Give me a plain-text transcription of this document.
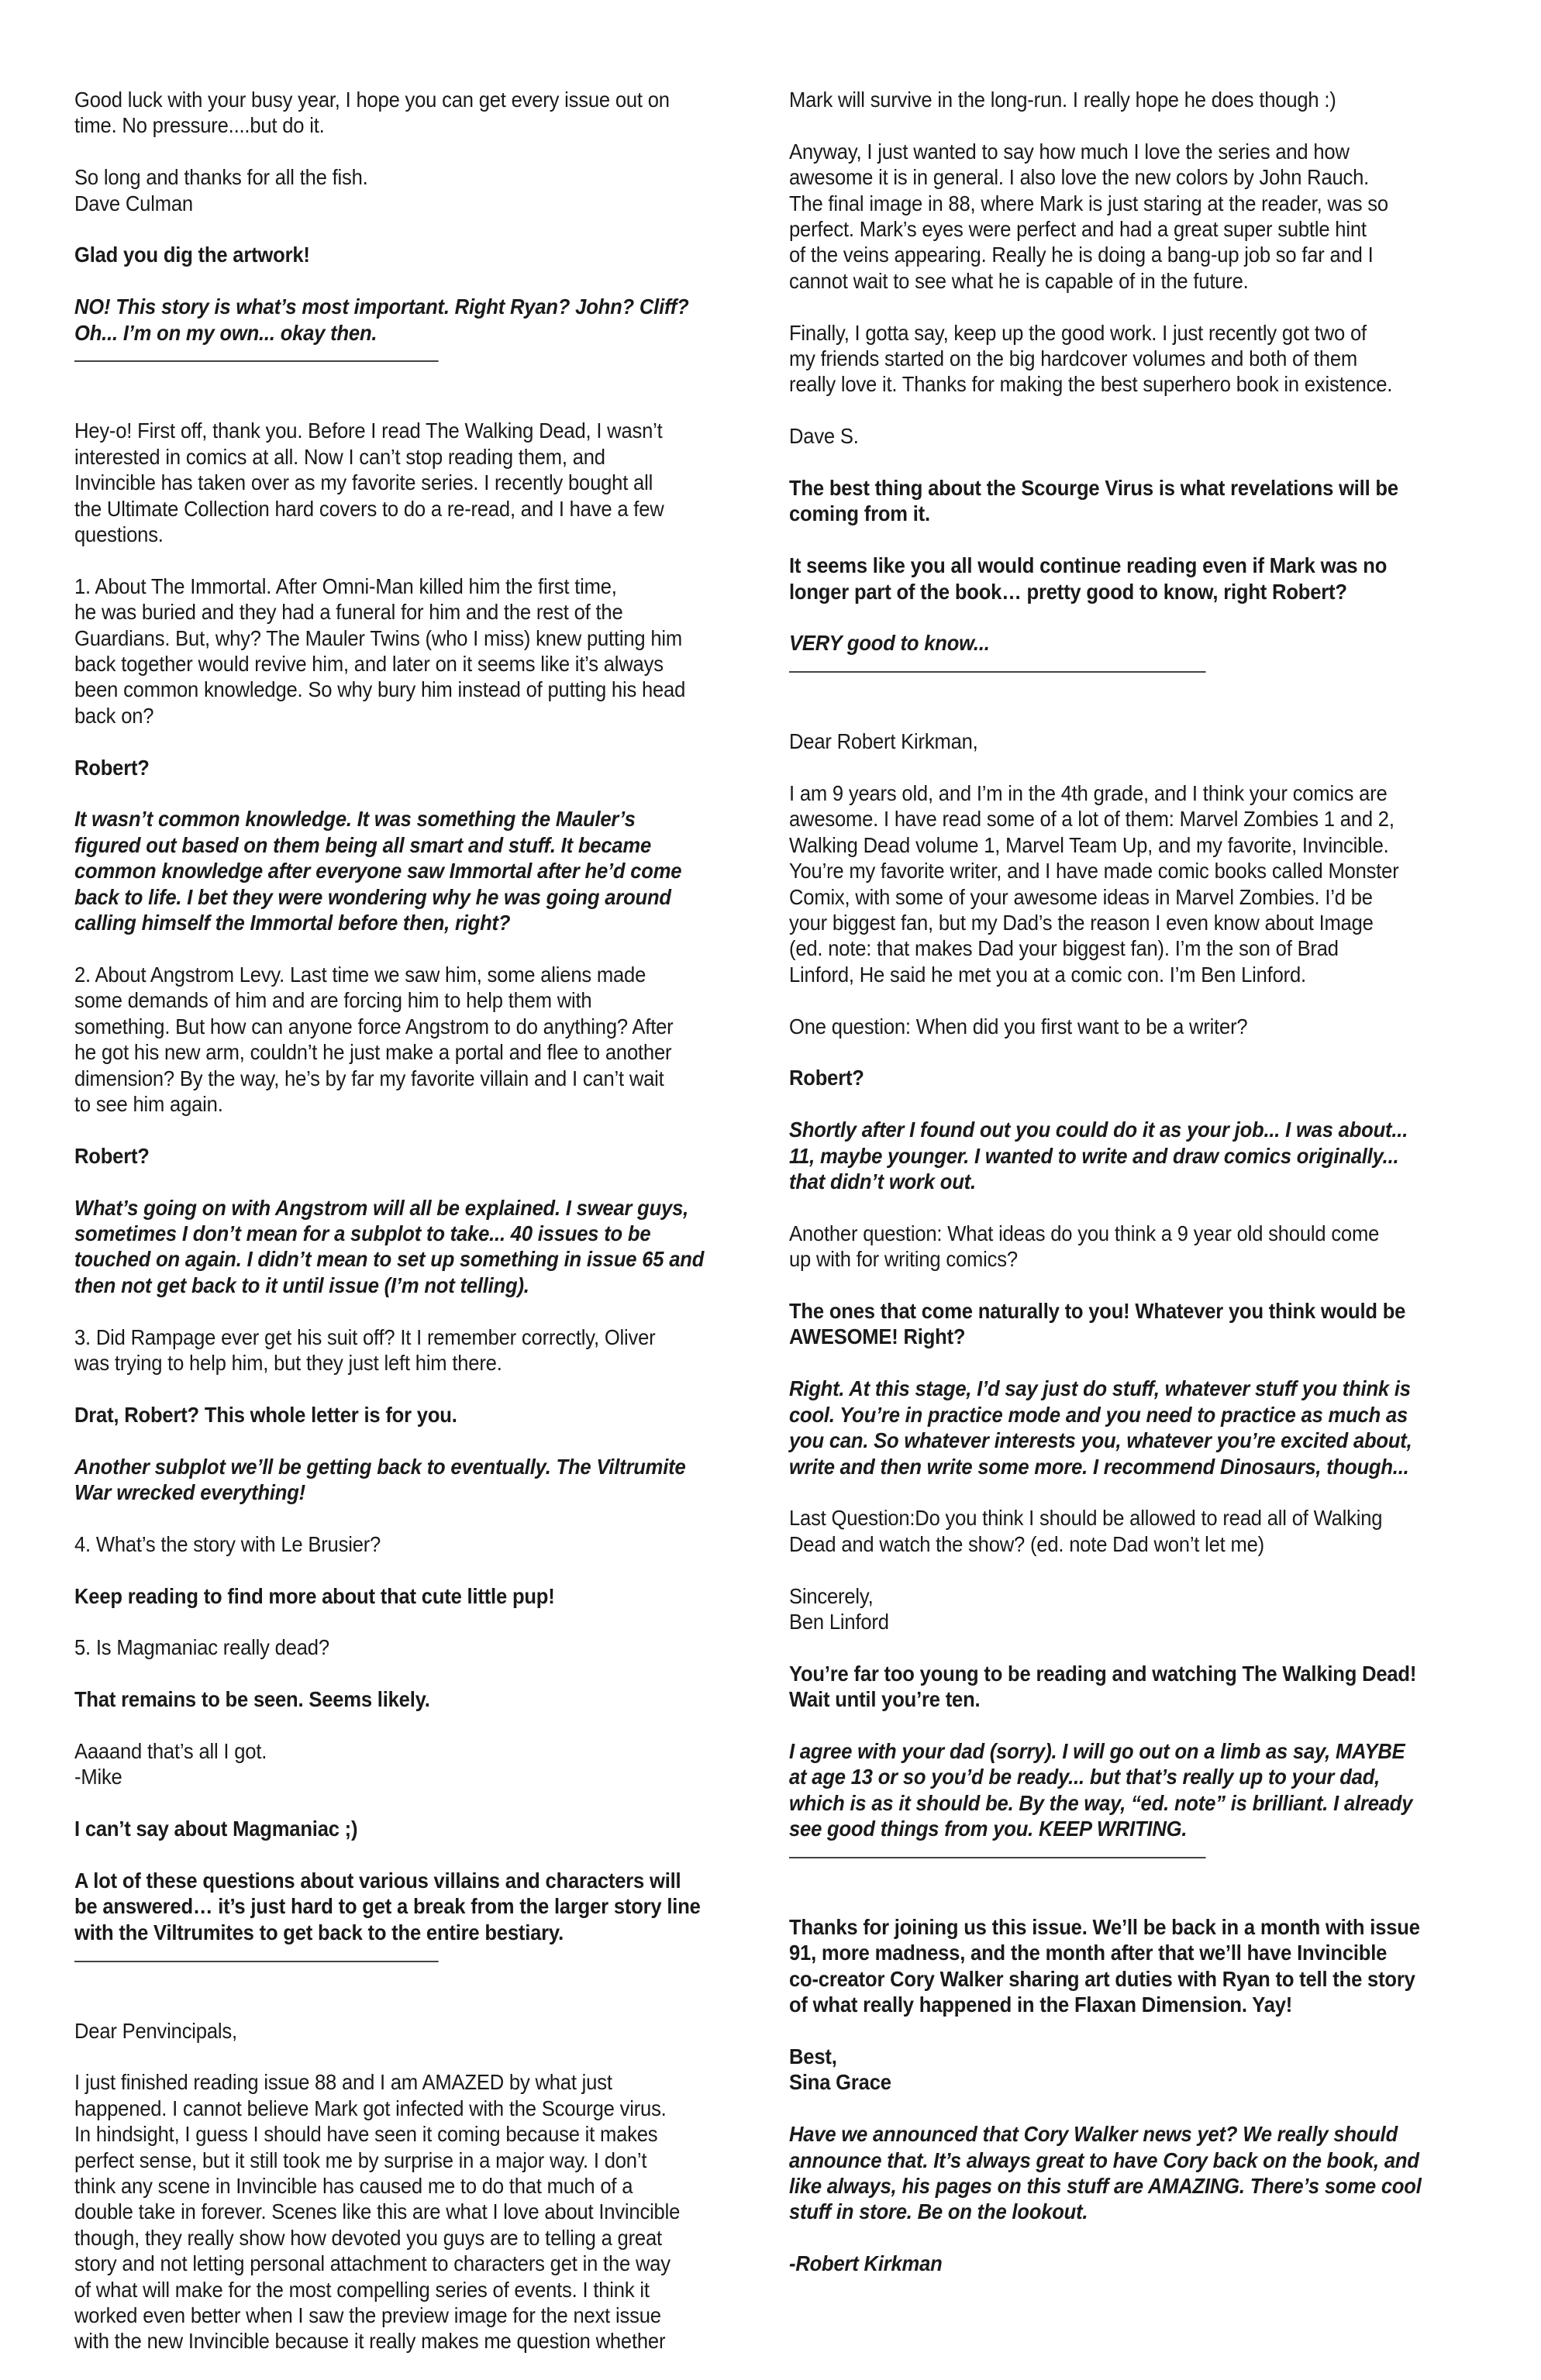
Good luck with your busy year, I hope you can get every issue out on
time. No pressure....but do it.
So long and thanks for all the fish.
Dave Culman
Glad you dig the artwork!
NO! This story is what’s most important. Right Ryan? John? Cliff?
Oh... I’m on my own... okay then.
Hey-o! First off, thank you. Before I read The Walking Dead, I wasn’t
interested in comics at all. Now I can’t stop reading them, and
Invincible has taken over as my favorite series. I recently bought all
the Ultimate Collection hard covers to do a re-read, and I have a few
questions.
1. About The Immortal. After Omni-Man killed him the first time,
he was buried and they had a funeral for him and the rest of the
Guardians. But, why? The Mauler Twins (who I miss) knew putting him
back together would revive him, and later on it seems like it’s always
been common knowledge. So why bury him instead of putting his head
back on?
Robert?
It wasn’t common knowledge. It was something the Mauler’s
figured out based on them being all smart and stuff. It became
common knowledge after everyone saw Immortal after he’d come
back to life. I bet they were wondering why he was going around
calling himself the Immortal before then, right?
2. About Angstrom Levy. Last time we saw him, some aliens made
some demands of him and are forcing him to help them with
something. But how can anyone force Angstrom to do anything? After
he got his new arm, couldn’t he just make a portal and flee to another
dimension? By the way, he’s by far my favorite villain and I can’t wait
to see him again.
Robert?
What’s going on with Angstrom will all be explained. I swear guys,
sometimes I don’t mean for a subplot to take... 40 issues to be
touched on again. I didn’t mean to set up something in issue 65 and
then not get back to it until issue (I’m not telling).
3. Did Rampage ever get his suit off? It I remember correctly, Oliver
was trying to help him, but they just left him there.
Drat, Robert? This whole letter is for you.
Another subplot we’ll be getting back to eventually. The Viltrumite
War wrecked everything!
4. What’s the story with Le Brusier?
Keep reading to find more about that cute little pup!
5. Is Magmaniac really dead?
That remains to be seen. Seems likely.
Aaaand that’s all I got.
-Mike
I can’t say about Magmaniac ;)
A lot of these questions about various villains and characters will
be answered… it’s just hard to get a break from the larger story line
with the Viltrumites to get back to the entire bestiary.
Dear Penvincipals,
I just finished reading issue 88 and I am AMAZED by what just
happened. I cannot believe Mark got infected with the Scourge virus.
In hindsight, I guess I should have seen it coming because it makes
perfect sense, but it still took me by surprise in a major way. I don’t
think any scene in Invincible has caused me to do that much of a
double take in forever. Scenes like this are what I love about Invincible
though, they really show how devoted you guys are to telling a great
story and not letting personal attachment to characters get in the way
of what will make for the most compelling series of events. I think it
worked even better when I saw the preview image for the next issue
with the new Invincible because it really makes me question whether
Mark will survive in the long-run. I really hope he does though :)
Anyway, I just wanted to say how much I love the series and how
awesome it is in general. I also love the new colors by John Rauch.
The final image in 88, where Mark is just staring at the reader, was so
perfect. Mark’s eyes were perfect and had a great super subtle hint
of the veins appearing. Really he is doing a bang-up job so far and I
cannot wait to see what he is capable of in the future.
Finally, I gotta say, keep up the good work. I just recently got two of
my friends started on the big hardcover volumes and both of them
really love it. Thanks for making the best superhero book in existence.
Dave S.
The best thing about the Scourge Virus is what revelations will be
coming from it.
It seems like you all would continue reading even if Mark was no
longer part of the book… pretty good to know, right Robert?
VERY good to know...
Dear Robert Kirkman,
I am 9 years old, and I’m in the 4th grade, and I think your comics are
awesome. I have read some of a lot of them: Marvel Zombies 1 and 2,
Walking Dead volume 1, Marvel Team Up, and my favorite, Invincible.
You’re my favorite writer, and I have made comic books called Monster
Comix, with some of your awesome ideas in Marvel Zombies. I’d be
your biggest fan, but my Dad’s the reason I even know about Image
(ed. note: that makes Dad your biggest fan). I’m the son of Brad
Linford, He said he met you at a comic con. I’m Ben Linford.
One question: When did you first want to be a writer?
Robert?
Shortly after I found out you could do it as your job... I was about...
11, maybe younger. I wanted to write and draw comics originally...
that didn’t work out.
Another question: What ideas do you think a 9 year old should come
up with for writing comics?
The ones that come naturally to you! Whatever you think would be
AWESOME! Right?
Right. At this stage, I’d say just do stuff, whatever stuff you think is
cool. You’re in practice mode and you need to practice as much as
you can. So whatever interests you, whatever you’re excited about,
write and then write some more. I recommend Dinosaurs, though...
Last Question:Do you think I should be allowed to read all of Walking
Dead and watch the show? (ed. note Dad won’t let me)
Sincerely,
Ben Linford
You’re far too young to be reading and watching The Walking Dead!
Wait until you’re ten.
I agree with your dad (sorry). I will go out on a limb as say, MAYBE
at age 13 or so you’d be ready... but that’s really up to your dad,
which is as it should be. By the way, “ed. note” is brilliant. I already
see good things from you. KEEP WRITING.
Thanks for joining us this issue. We’ll be back in a month with issue
91, more madness, and the month after that we’ll have Invincible
co-creator Cory Walker sharing art duties with Ryan to tell the story
of what really happened in the Flaxan Dimension. Yay!
Best,
Sina Grace
Have we announced that Cory Walker news yet? We really should
announce that. It’s always great to have Cory back on the book, and
like always, his pages on this stuff are AMAZING. There’s some cool
stuff in store. Be on the lookout.
-Robert Kirkman
